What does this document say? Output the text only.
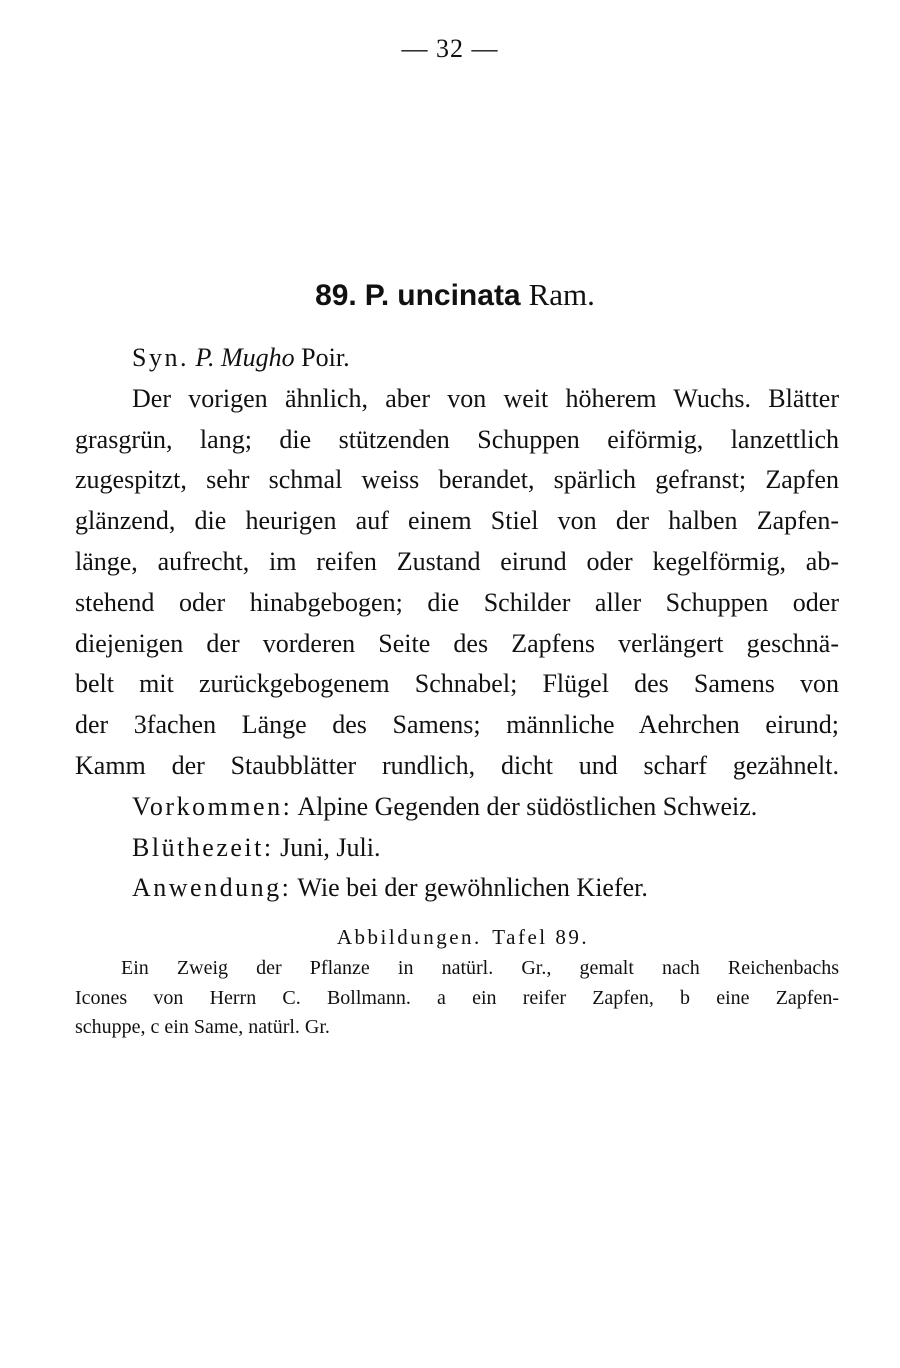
— 32 —
89. P. uncinata Ram.
Syn. P. Mugho Poir.
Der vorigen ähnlich, aber von weit höherem Wuchs. Blätter
grasgrün, lang; die stützenden Schuppen eiförmig, lanzettlich
zugespitzt, sehr schmal weiss berandet, spärlich gefranst; Zapfen
glänzend, die heurigen auf einem Stiel von der halben Zapfen-
länge, aufrecht, im reifen Zustand eirund oder kegelförmig, ab-
stehend oder hinabgebogen; die Schilder aller Schuppen oder
diejenigen der vorderen Seite des Zapfens verlängert geschnä-
belt mit zurückgebogenem Schnabel; Flügel des Samens von
der 3fachen Länge des Samens; männliche Aehrchen eirund;
Kamm der Staubblätter rundlich, dicht und scharf gezähnelt.
Vorkommen: Alpine Gegenden der südöstlichen Schweiz.
Blüthezeit: Juni, Juli.
Anwendung: Wie bei der gewöhnlichen Kiefer.
Abbildungen. Tafel 89.
Ein Zweig der Pflanze in natürl. Gr., gemalt nach Reichenbachs
Icones von Herrn C. Bollmann. a ein reifer Zapfen, b eine Zapfen-
schuppe, c ein Same, natürl. Gr.
